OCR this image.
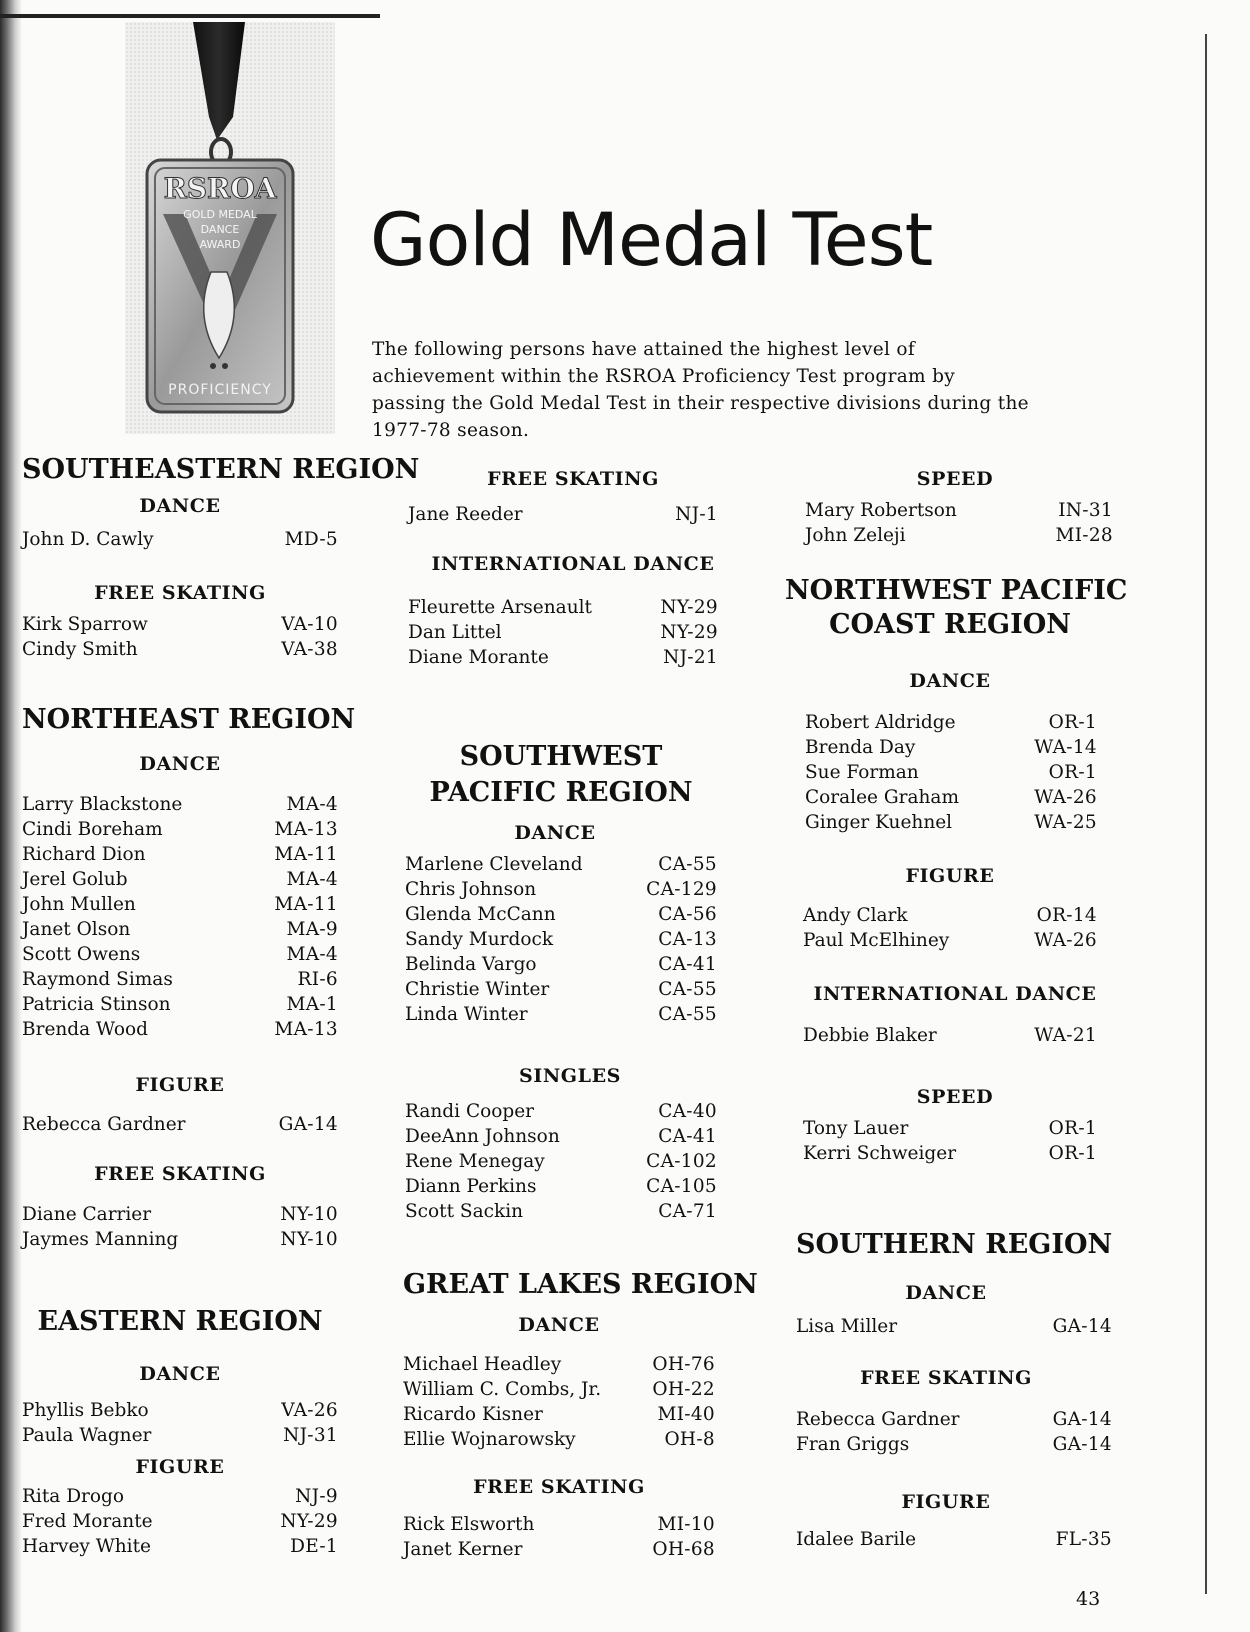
RSROA
GOLD MEDAL
DANCE
AWARD
PROFICIENCY
Gold Medal Test
The following persons have attained the highest level of achievement within the RSROA Proficiency Test program by passing the Gold Medal Test in their respective divisions during the 1977-78 season.
SOUTHEASTERN REGION
DANCE
John D. Cawly	MD-5
FREE SKATING
Kirk Sparrow	VA-10
Cindy Smith	VA-38
NORTHEAST REGION
DANCE
Larry Blackstone	MA-4
Cindi Boreham	MA-13
Richard Dion	MA-11
Jerel Golub	MA-4
John Mullen	MA-11
Janet Olson	MA-9
Scott Owens	MA-4
Raymond Simas	RI-6
Patricia Stinson	MA-1
Brenda Wood	MA-13
FIGURE
Rebecca Gardner	GA-14
FREE SKATING
Diane Carrier	NY-10
Jaymes Manning	NY-10
EASTERN REGION
DANCE
Phyllis Bebko	VA-26
Paula Wagner	NJ-31
FIGURE
Rita Drogo	NJ-9
Fred Morante	NY-29
Harvey White	DE-1
FREE SKATING
Jane Reeder	NJ-1
INTERNATIONAL DANCE
Fleurette Arsenault	NY-29
Dan Littel	NY-29
Diane Morante	NJ-21
SOUTHWEST
PACIFIC REGION
DANCE
Marlene Cleveland	CA-55
Chris Johnson	CA-129
Glenda McCann	CA-56
Sandy Murdock	CA-13
Belinda Vargo	CA-41
Christie Winter	CA-55
Linda Winter	CA-55
SINGLES
Randi Cooper	CA-40
DeeAnn Johnson	CA-41
Rene Menegay	CA-102
Diann Perkins	CA-105
Scott Sackin	CA-71
GREAT LAKES REGION
DANCE
Michael Headley	OH-76
William C. Combs, Jr.	OH-22
Ricardo Kisner	MI-40
Ellie Wojnarowsky	OH-8
FREE SKATING
Rick Elsworth	MI-10
Janet Kerner	OH-68
SPEED
Mary Robertson	IN-31
John Zeleji	MI-28
NORTHWEST PACIFIC
COAST REGION
DANCE
Robert Aldridge	OR-1
Brenda Day	WA-14
Sue Forman	OR-1
Coralee Graham	WA-26
Ginger Kuehnel	WA-25
FIGURE
Andy Clark	OR-14
Paul McElhiney	WA-26
INTERNATIONAL DANCE
Debbie Blaker	WA-21
SPEED
Tony Lauer	OR-1
Kerri Schweiger	OR-1
SOUTHERN REGION
DANCE
Lisa Miller	GA-14
FREE SKATING
Rebecca Gardner	GA-14
Fran Griggs	GA-14
FIGURE
Idalee Barile	FL-35
43
